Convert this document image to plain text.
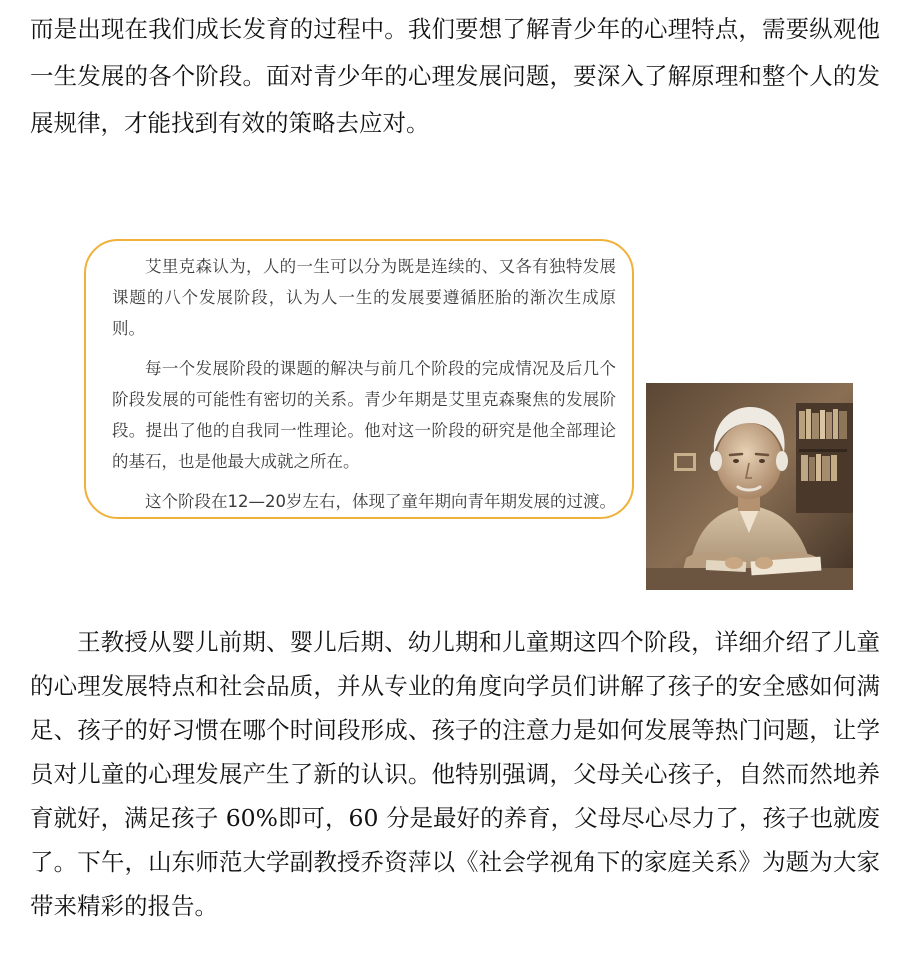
而是出现在我们成长发育的过程中。我们要想了解青少年的心理特点，需要纵观他一生发展的各个阶段。面对青少年的心理发展问题，要深入了解原理和整个人的发展规律，才能找到有效的策略去应对。

艾里克森认为，人的一生可以分为既是连续的、又各有独特发展课题的八个发展阶段，认为人一生的发展要遵循胚胎的渐次生成原则。

每一个发展阶段的课题的解决与前几个阶段的完成情况及后几个阶段发展的可能性有密切的关系。青少年期是艾里克森聚焦的发展阶段。提出了他的自我同一性理论。他对这一阶段的研究是他全部理论的基石，也是他最大成就之所在。

这个阶段在12—20岁左右，体现了童年期向青年期发展的过渡。

王教授从婴儿前期、婴儿后期、幼儿期和儿童期这四个阶段，详细介绍了儿童的心理发展特点和社会品质，并从专业的角度向学员们讲解了孩子的安全感如何满足、孩子的好习惯在哪个时间段形成、孩子的注意力是如何发展等热门问题，让学员对儿童的心理发展产生了新的认识。他特别强调，父母关心孩子，自然而然地养育就好，满足孩子 60%即可，60 分是最好的养育，父母尽心尽力了，孩子也就废了。下午，山东师范大学副教授乔资萍以《社会学视角下的家庭关系》为题为大家带来精彩的报告。
